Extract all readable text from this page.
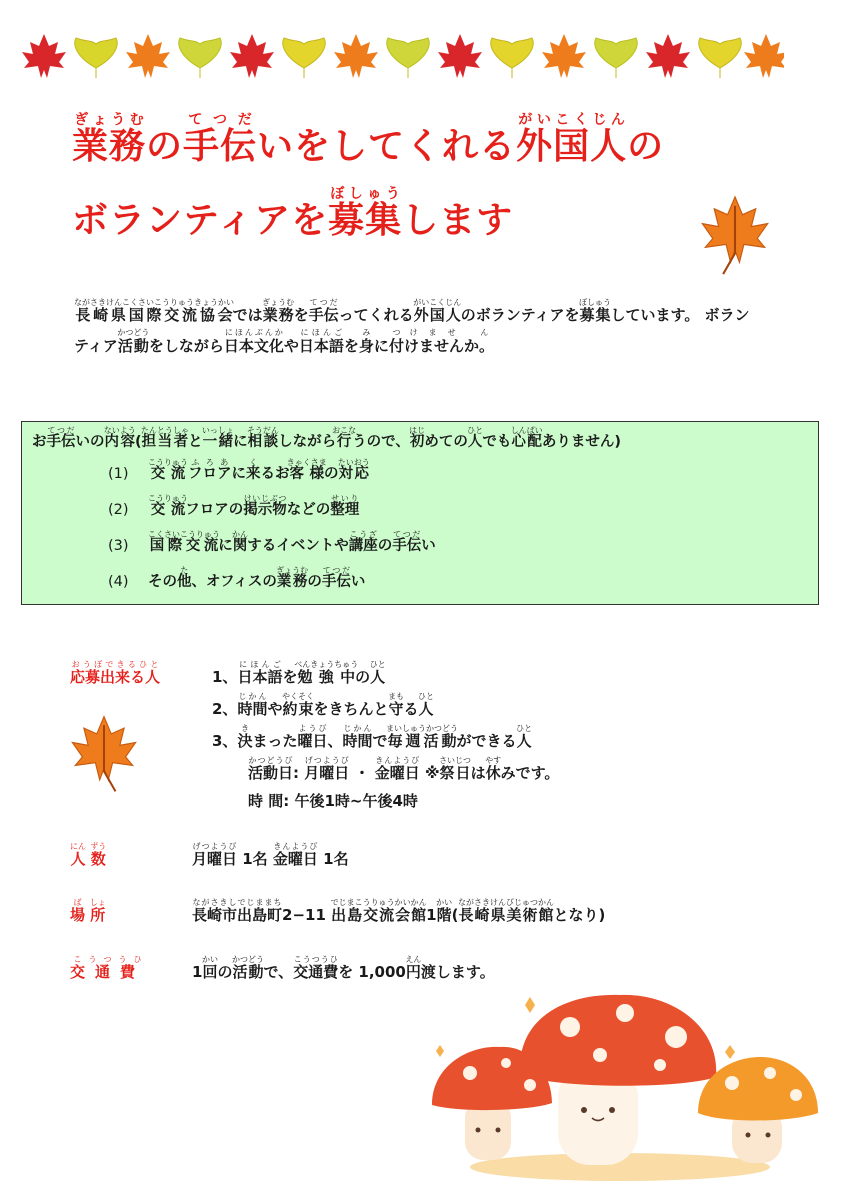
業務ぎょうむの手伝てつだいをしてくれる外国人がいこくじんの
ボランティアを募集ぼしゅうします
長崎県国際交流協会ながさきけんこくさいこうりゅうきょうかいでは業務ぎょうむを手伝てつだってくれる外国人がいこくじんのボランティアを募集ぼしゅうしています。 ボランティア活動かつどうをしながら日本文化にほんぶんかや日本語にほんごを身みに付つけませんか。けませ ん
お手伝てつだいの内容ないよう(担当者たんとうしゃと一緒いっしょに相談そうだんしながら行おこなうので、初はじめての人ひとでも心配しんぱいありません)
(1) 交流こうりゅうフロアふろあに来くるお客様きゃくさまの対応たいおう
(2) 交流こうりゅうフロアの掲示物けいじぶつなどの整理せいり
(3) 国際交流こくさいこうりゅうに関かんするイベントや講座こうざの手伝てつだい
(4) その他た、オフィスの業務ぎょうむの手伝てつだい
応募出来る人おうぼできるひと
1、日本語にほんごを勉強中べんきょうちゅうの人ひと
2、時間じかんや約束やくそくをきちんと守まもる人ひと
3、決きまった曜日ようび、時間じかんで毎週活動まいしゅうかつどうができる人ひと
活動日かつどうび: 月曜日げつようび ・ 金曜日きんようび ※祭日さいじつは休やすみです。
時 間: 午後1時~午後4時
人にん 数ずう
月曜日げつようび 1名 金曜日きんようび 1名
場ば 所しょ
長崎市出島町ながさきしでじままち2−11 出島交流会館でじまこうりゅうかいかん1階かい(長崎県美術館ながさきけんびじゅつかんとなり)
交通費こうつうひ
1回かいの活動かつどうで、交通費こうつうひを 1,000円えん渡します。
